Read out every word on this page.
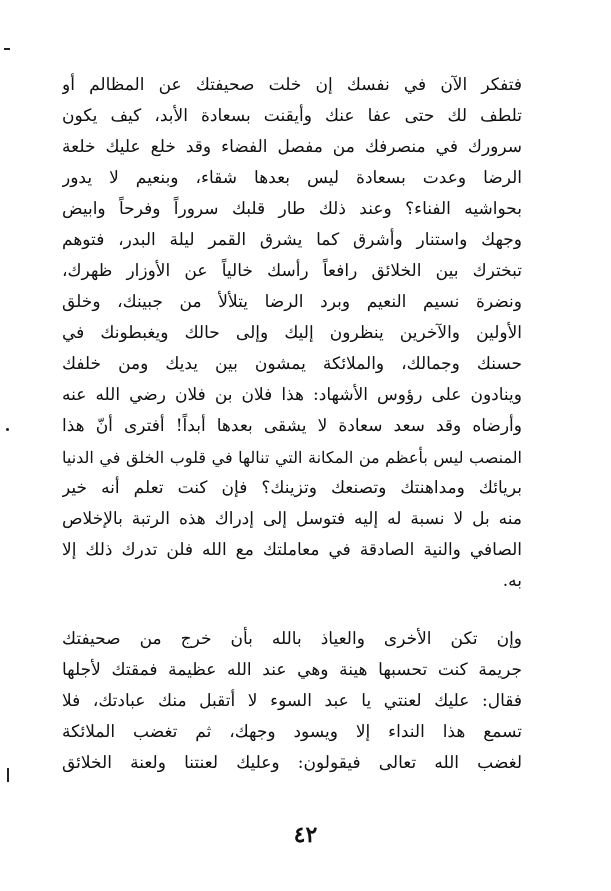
فتفكر الآن في نفسك إن خلت صحيفتك عن المظالم أو
تلطف لك حتى عفا عنك وأيقنت بسعادة الأبد، كيف يكون
سرورك في منصرفك من مفصل الفضاء وقد خلع عليك خلعة
الرضا وعدت بسعادة ليس بعدها شقاء، وبنعيم لا يدور
بحواشيه الفناء؟ وعند ذلك طار قلبك سروراً وفرحاً وابيض
وجهك واستنار وأشرق كما يشرق القمر ليلة البدر، فتوهم
تبخترك بين الخلائق رافعاً رأسك خالياً عن الأوزار ظهرك،
ونضرة نسيم النعيم وبرد الرضا يتلألأ من جبينك، وخلق
الأولين والآخرين ينظرون إليك وإلى حالك ويغبطونك في
حسنك وجمالك، والملائكة يمشون بين يديك ومن خلفك
وينادون على رؤوس الأشهاد: هذا فلان بن فلان رضي الله عنه
وأرضاه وقد سعد سعادة لا يشقى بعدها أبداً! أفترى أنّ هذا
المنصب ليس بأعظم من المكانة التي تنالها في قلوب الخلق في الدنيا
بريائك ومداهنتك وتصنعك وتزينك؟ فإن كنت تعلم أنه خير
منه بل لا نسبة له إليه فتوسل إلى إدراك هذه الرتبة بالإخلاص
الصافي والنية الصادقة في معاملتك مع الله فلن تدرك ذلك إلا
به.
وإن تكن الأخرى والعياذ بالله بأن خرج من صحيفتك
جريمة كنت تحسبها هينة وهي عند الله عظيمة فمقتك لأجلها
فقال: عليك لعنتي يا عبد السوء لا أتقبل منك عبادتك، فلا
تسمع هذا النداء إلا ويسود وجهك، ثم تغضب الملائكة
لغضب الله تعالى فيقولون: وعليك لعنتنا ولعنة الخلائق
٤٢
